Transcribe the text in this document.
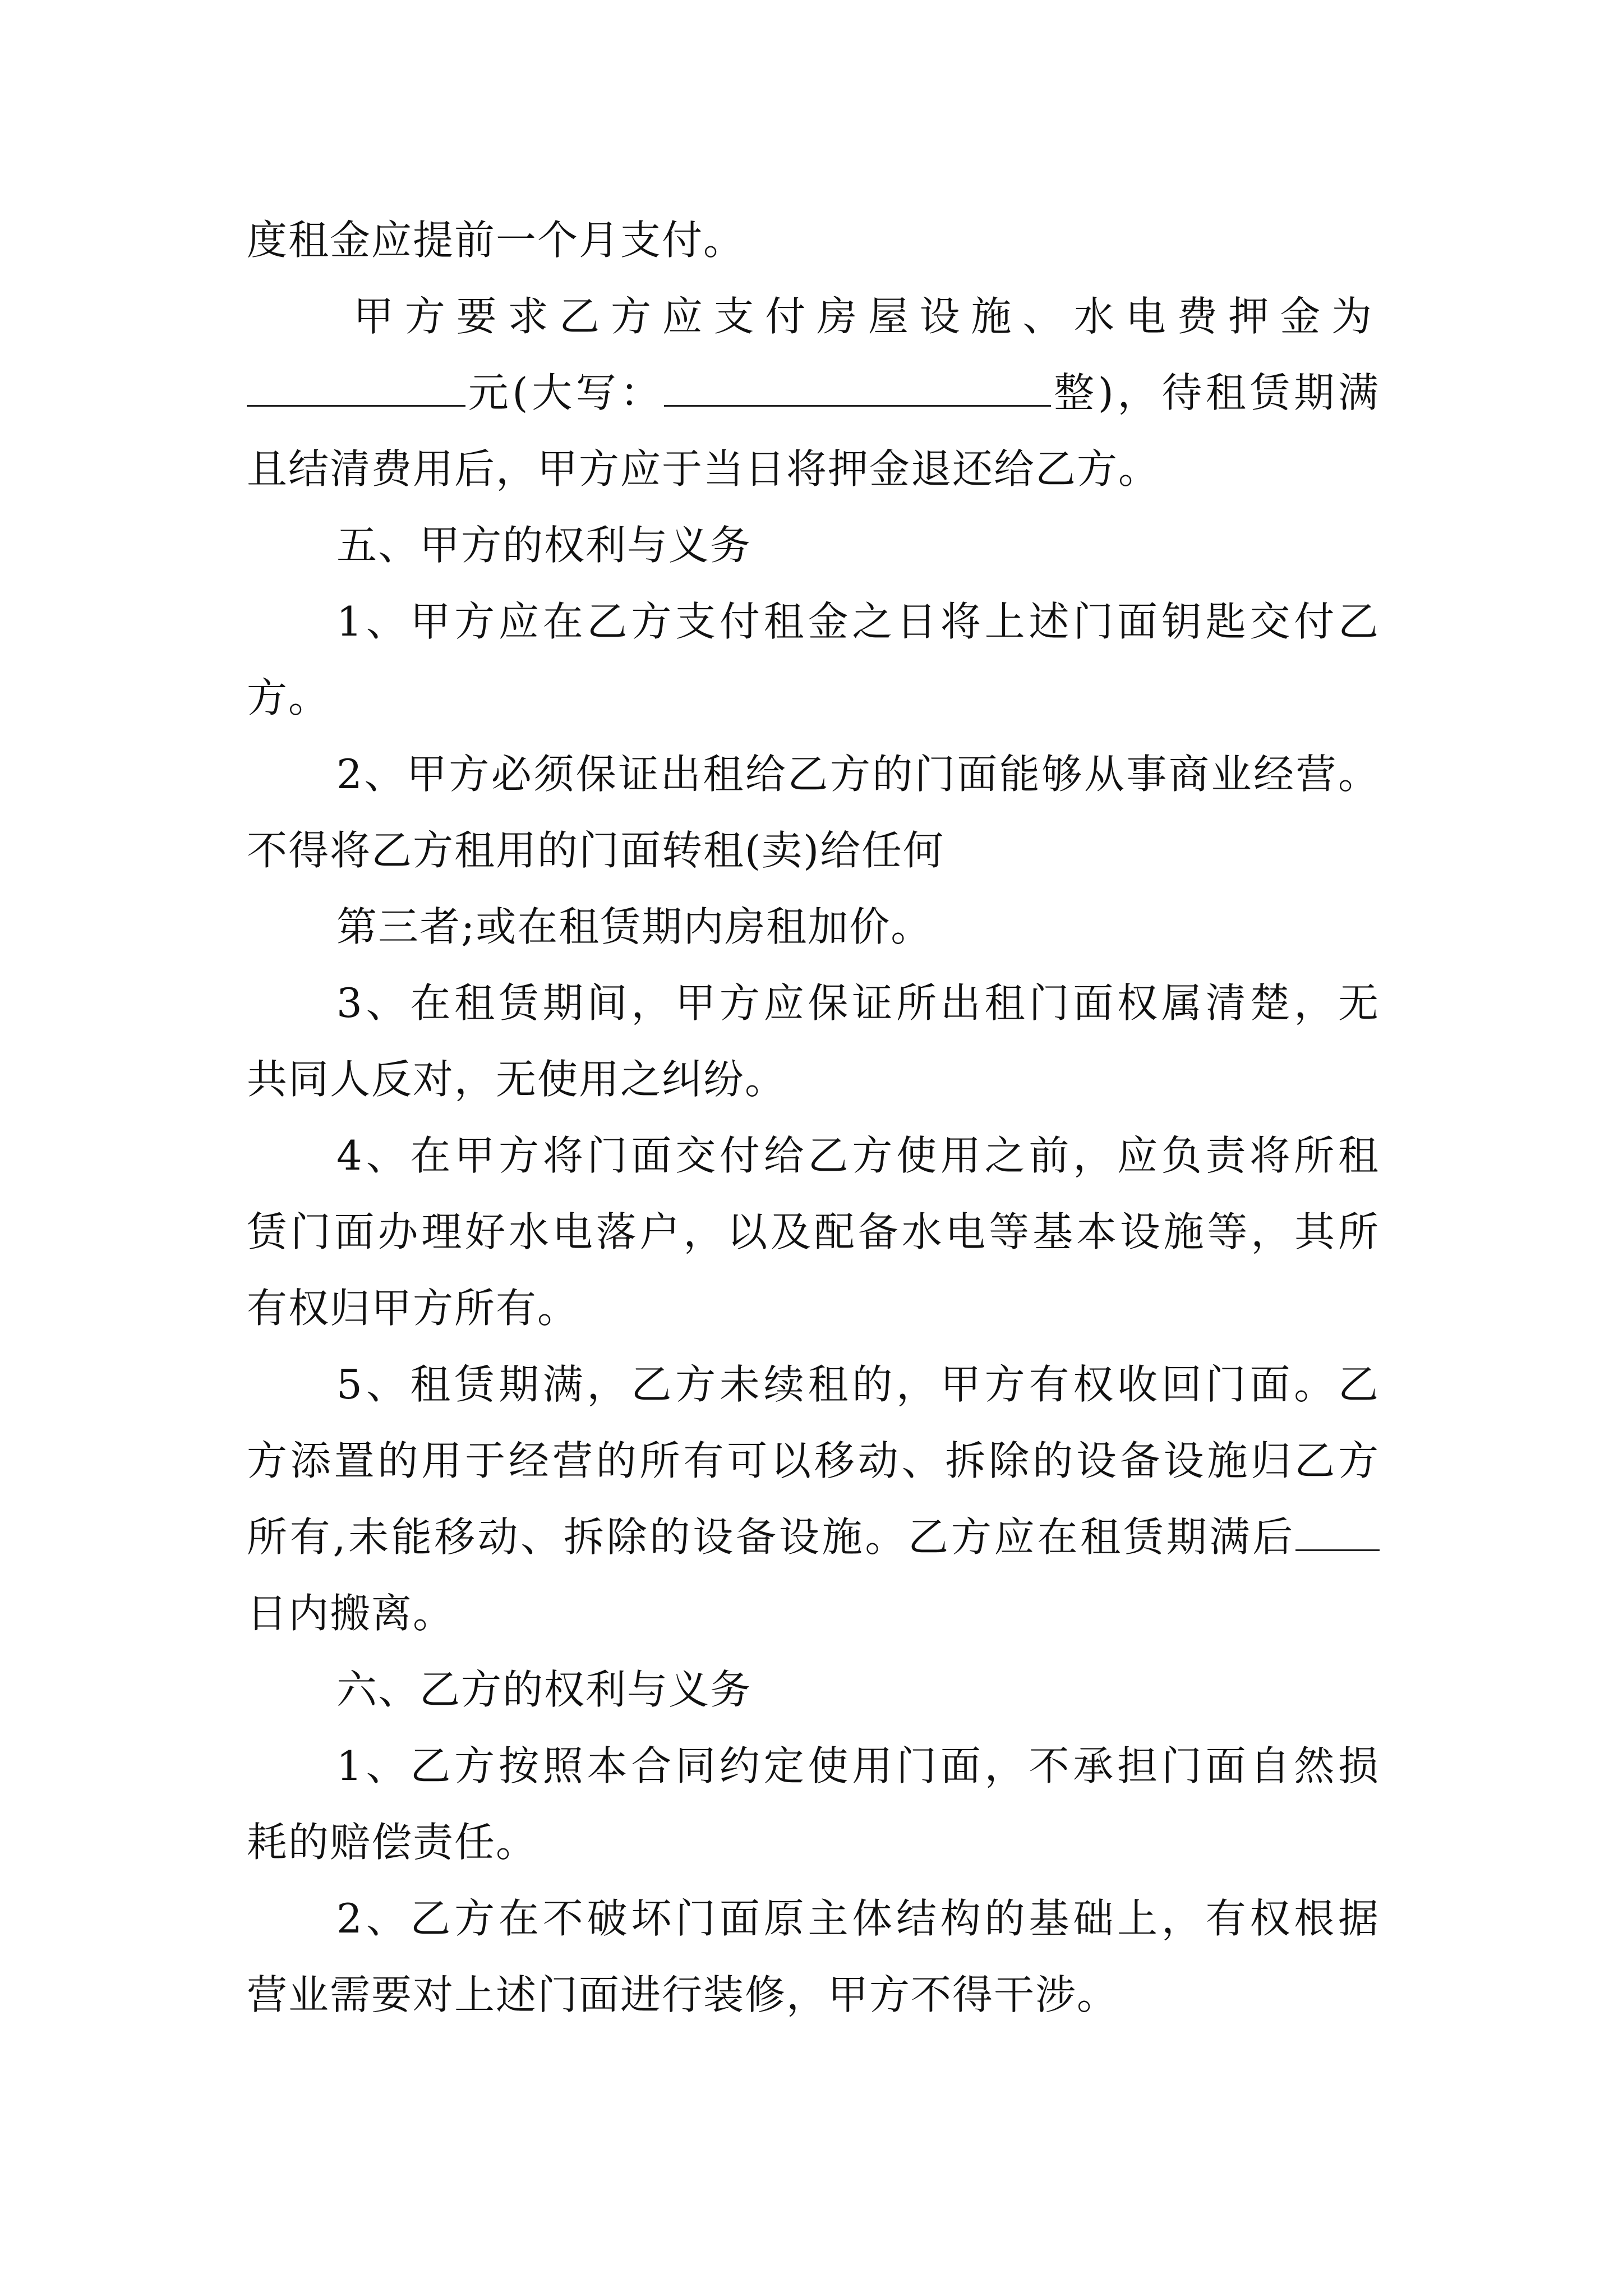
度租金应提前一个月支付。
甲方要求乙方应支付房屋设施、水电费押金为
元(大写：	整)，待租赁期满
且结清费用后，甲方应于当日将押金退还给乙方。
五、甲方的权利与义务
1、甲方应在乙方支付租金之日将上述门面钥匙交付乙
方。
2、甲方必须保证出租给乙方的门面能够从事商业经营。
不得将乙方租用的门面转租(卖)给任何
第三者;或在租赁期内房租加价。
3、在租赁期间，甲方应保证所出租门面权属清楚，无
共同人反对，无使用之纠纷。
4、在甲方将门面交付给乙方使用之前，应负责将所租
赁门面办理好水电落户，以及配备水电等基本设施等，其所
有权归甲方所有。
5、租赁期满，乙方未续租的，甲方有权收回门面。乙
方添置的用于经营的所有可以移动、拆除的设备设施归乙方
所有,未能移动、拆除的设备设施。乙方应在租赁期满后
日内搬离。
六、乙方的权利与义务
1、乙方按照本合同约定使用门面，不承担门面自然损
耗的赔偿责任。
2、乙方在不破坏门面原主体结构的基础上，有权根据
营业需要对上述门面进行装修，甲方不得干涉。
